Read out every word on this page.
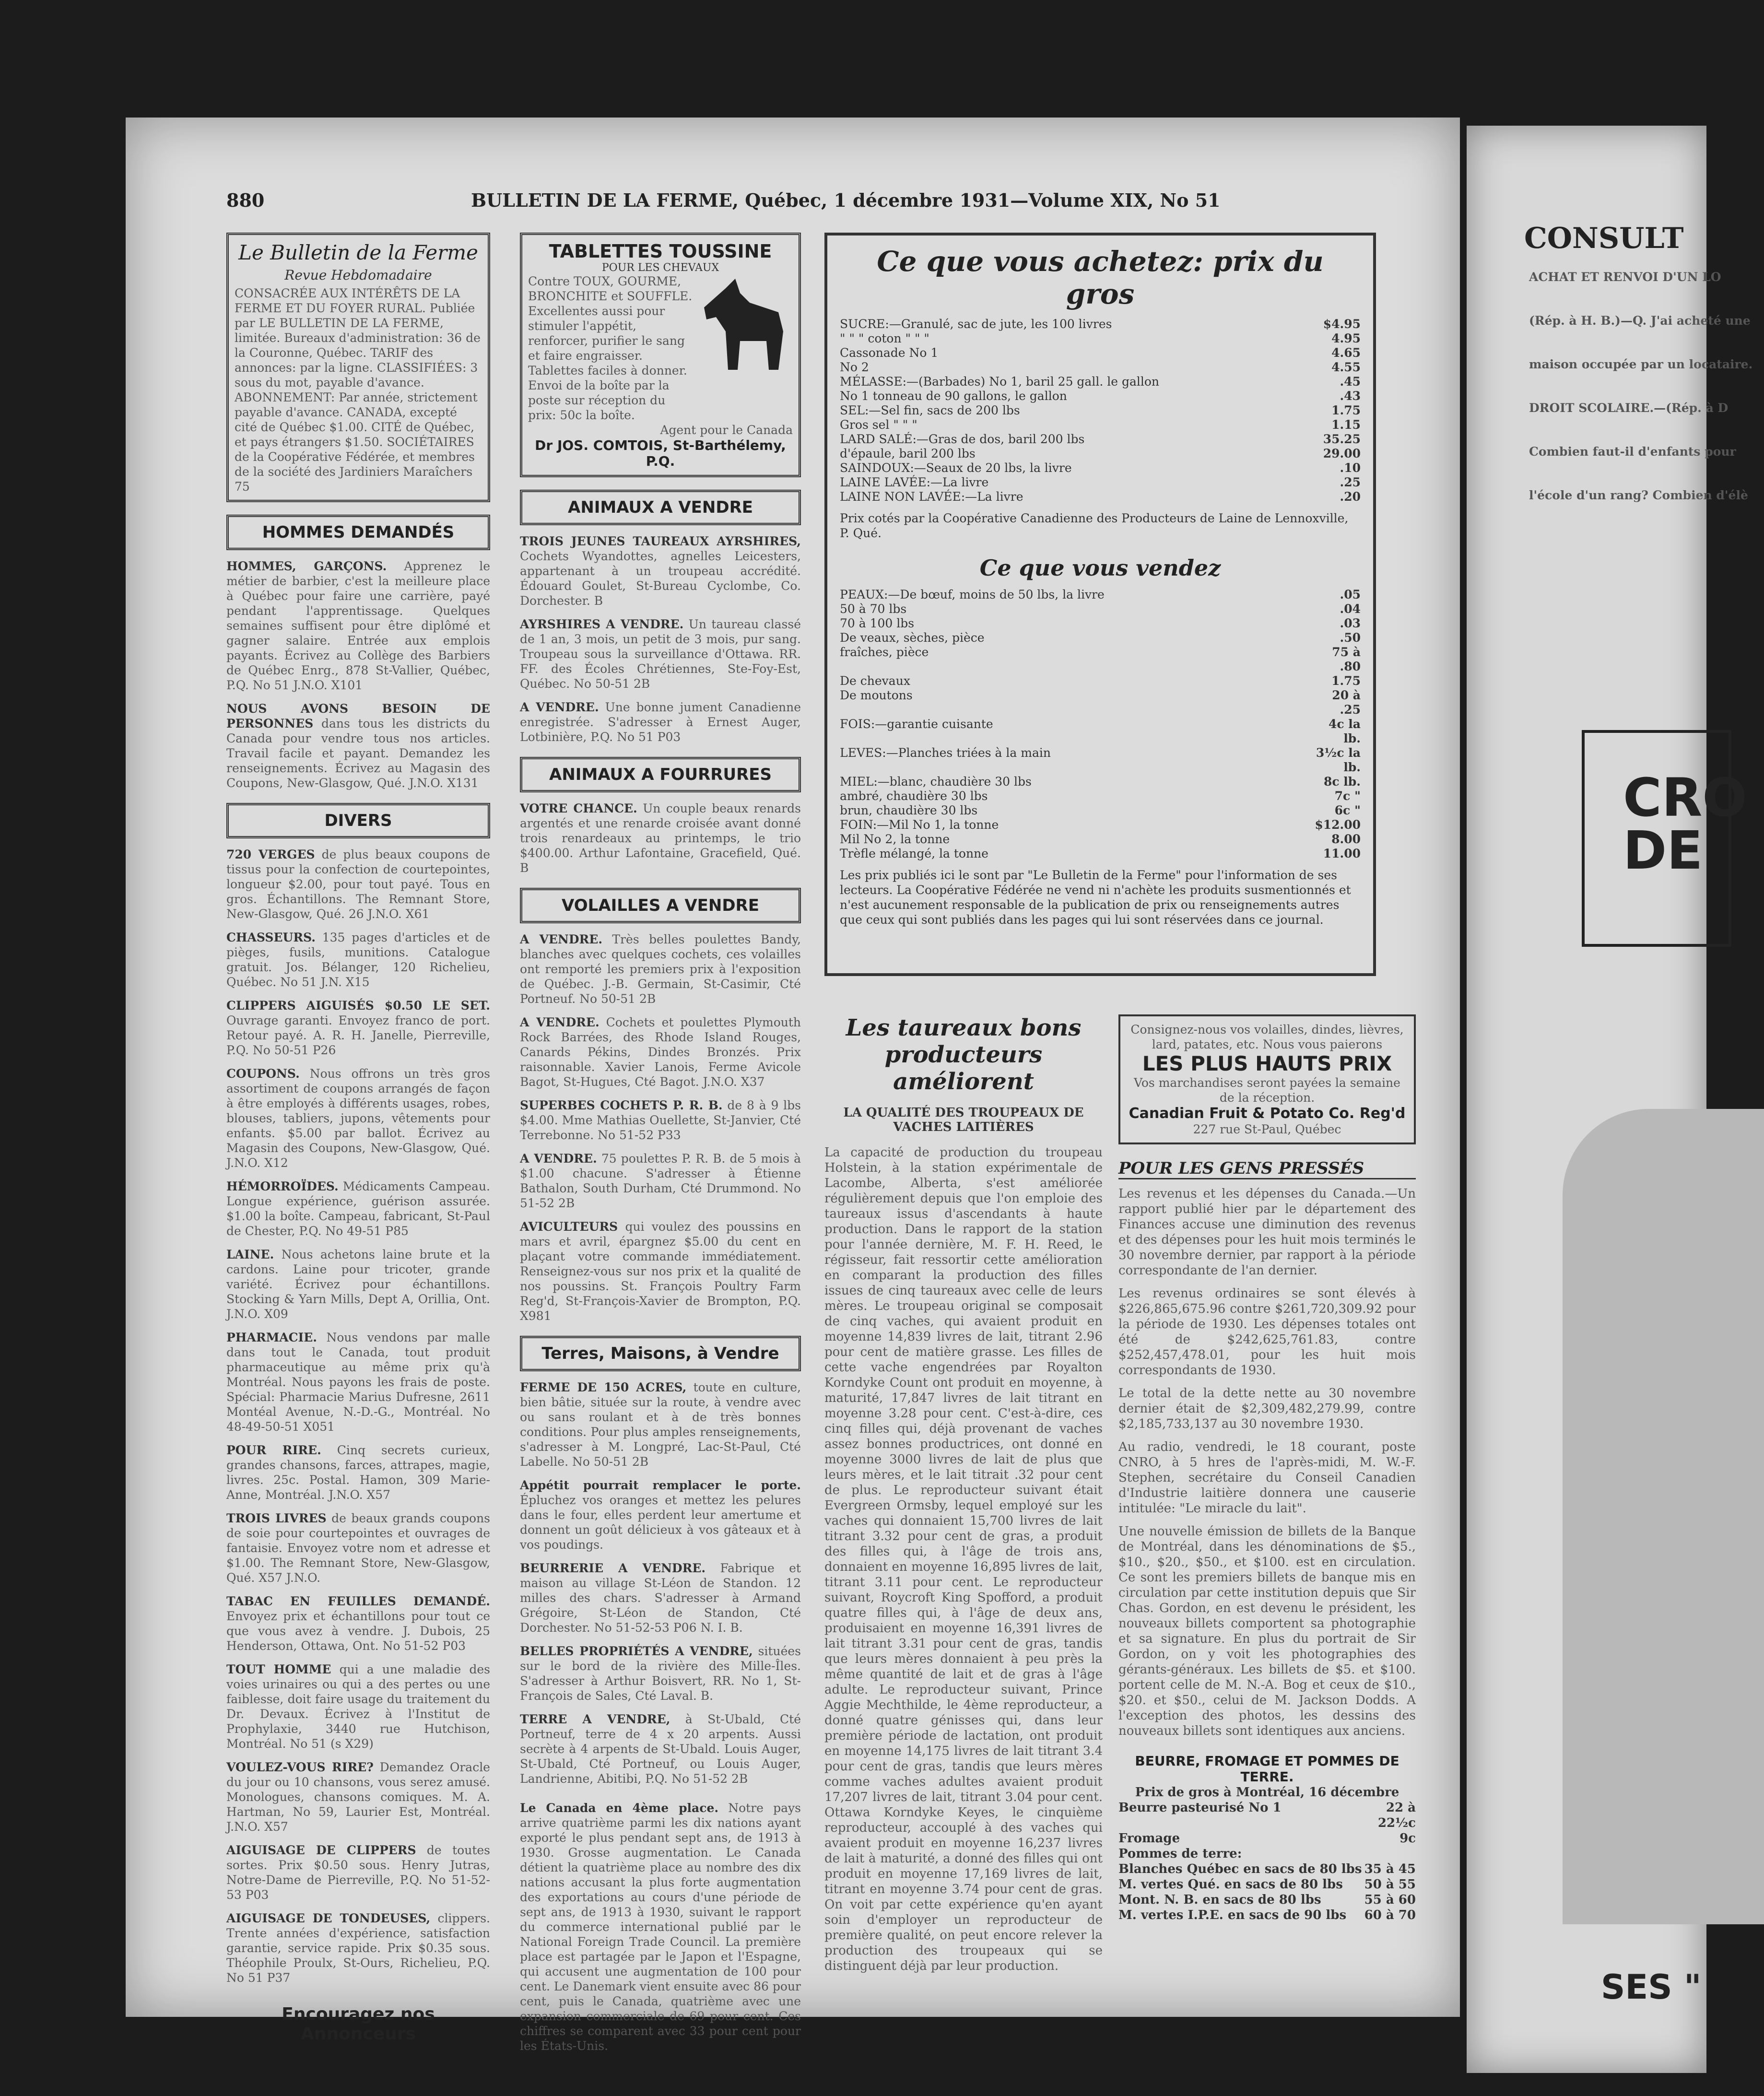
880	BULLETIN DE LA FERME, Québec, 1 décembre 1931—Volume XIX, No 51
Le Bulletin de la Ferme
Revue Hebdomadaire
CONSACRÉE AUX INTÉRÊTS DE LA FERME ET DU FOYER RURAL. Publiée par LE BULLETIN DE LA FERME, limitée. Bureaux d'administration: 36 de la Couronne, Québec. TARIF des annonces: par la ligne. CLASSIFIÉES: 3 sous du mot, payable d'avance. ABONNEMENT: Par année, strictement payable d'avance. CANADA, excepté cité de Québec $1.00. CITÉ de Québec, et pays étrangers $1.50. SOCIÉTAIRES de la Coopérative Fédérée, et membres de la société des Jardiniers Maraîchers 75
HOMMES DEMANDÉS
HOMMES, GARÇONS. Apprenez le métier de barbier, c'est la meilleure place à Québec pour faire une carrière, payé pendant l'apprentissage. Quelques semaines suffisent pour être diplômé et gagner salaire. Entrée aux emplois payants. Écrivez au Collège des Barbiers de Québec Enrg., 878 St-Vallier, Québec, P.Q. No 51 J.N.O. X101
NOUS AVONS BESOIN DE PERSONNES dans tous les districts du Canada pour vendre tous nos articles. Travail facile et payant. Demandez les renseignements. Écrivez au Magasin des Coupons, New-Glasgow, Qué. J.N.O. X131
DIVERS
720 VERGES de plus beaux coupons de tissus pour la confection de courtepointes, longueur $2.00, pour tout payé. Tous en gros. Échantillons. The Remnant Store, New-Glasgow, Qué. 26 J.N.O. X61
CHASSEURS. 135 pages d'articles et de pièges, fusils, munitions. Catalogue gratuit. Jos. Bélanger, 120 Richelieu, Québec. No 51 J.N. X15
CLIPPERS AIGUISÉS $0.50 LE SET. Ouvrage garanti. Envoyez franco de port. Retour payé. A. R. H. Janelle, Pierreville, P.Q. No 50-51 P26
COUPONS. Nous offrons un très gros assortiment de coupons arrangés de façon à être employés à différents usages, robes, blouses, tabliers, jupons, vêtements pour enfants. $5.00 par ballot. Écrivez au Magasin des Coupons, New-Glasgow, Qué. J.N.O. X12
HÉMORROÏDES. Médicaments Campeau. Longue expérience, guérison assurée. $1.00 la boîte. Campeau, fabricant, St-Paul de Chester, P.Q. No 49-51 P85
LAINE. Nous achetons laine brute et la cardons. Laine pour tricoter, grande variété. Écrivez pour échantillons. Stocking & Yarn Mills, Dept A, Orillia, Ont. J.N.O. X09
PHARMACIE. Nous vendons par malle dans tout le Canada, tout produit pharmaceutique au même prix qu'à Montréal. Nous payons les frais de poste. Spécial: Pharmacie Marius Dufresne, 2611 Montéal Avenue, N.-D.-G., Montréal. No 48-49-50-51 X051
POUR RIRE. Cinq secrets curieux, grandes chansons, farces, attrapes, magie, livres. 25c. Postal. Hamon, 309 Marie-Anne, Montréal. J.N.O. X57
TROIS LIVRES de beaux grands coupons de soie pour courtepointes et ouvrages de fantaisie. Envoyez votre nom et adresse et $1.00. The Remnant Store, New-Glasgow, Qué. X57 J.N.O.
TABAC EN FEUILLES DEMANDÉ. Envoyez prix et échantillons pour tout ce que vous avez à vendre. J. Dubois, 25 Henderson, Ottawa, Ont. No 51-52 P03
TOUT HOMME qui a une maladie des voies urinaires ou qui a des pertes ou une faiblesse, doit faire usage du traitement du Dr. Devaux. Écrivez à l'Institut de Prophylaxie, 3440 rue Hutchison, Montréal. No 51 (s X29)
VOULEZ-VOUS RIRE? Demandez Oracle du jour ou 10 chansons, vous serez amusé. Monologues, chansons comiques. M. A. Hartman, No 59, Laurier Est, Montréal. J.N.O. X57
AIGUISAGE DE CLIPPERS de toutes sortes. Prix $0.50 sous. Henry Jutras, Notre-Dame de Pierreville, P.Q. No 51-52-53 P03
AIGUISAGE DE TONDEUSES, clippers. Trente années d'expérience, satisfaction garantie, service rapide. Prix $0.35 sous. Théophile Proulx, St-Ours, Richelieu, P.Q. No 51 P37
Encouragez nos Annonceurs
TABLETTES TOUSSINE
POUR LES CHEVAUX
Contre TOUX, GOURME, BRONCHITE et SOUFFLE. Excellentes aussi pour stimuler l'appétit, renforcer, purifier le sang et faire engraisser. Tablettes faciles à donner. Envoi de la boîte par la poste sur réception du prix: 50c la boîte.
Agent pour le Canada
Dr JOS. COMTOIS, St-Barthélemy, P.Q.
ANIMAUX A VENDRE
TROIS JEUNES TAUREAUX AYRSHIRES, Cochets Wyandottes, agnelles Leicesters, appartenant à un troupeau accrédité. Édouard Goulet, St-Bureau Cyclombe, Co. Dorchester. B
AYRSHIRES A VENDRE. Un taureau classé de 1 an, 3 mois, un petit de 3 mois, pur sang. Troupeau sous la surveillance d'Ottawa. RR. FF. des Écoles Chrétiennes, Ste-Foy-Est, Québec. No 50-51 2B
A VENDRE. Une bonne jument Canadienne enregistrée. S'adresser à Ernest Auger, Lotbinière, P.Q. No 51 P03
ANIMAUX A FOURRURES
VOTRE CHANCE. Un couple beaux renards argentés et une renarde croisée avant donné trois renardeaux au printemps, le trio $400.00. Arthur Lafontaine, Gracefield, Qué. B
VOLAILLES A VENDRE
A VENDRE. Très belles poulettes Bandy, blanches avec quelques cochets, ces volailles ont remporté les premiers prix à l'exposition de Québec. J.-B. Germain, St-Casimir, Cté Portneuf. No 50-51 2B
A VENDRE. Cochets et poulettes Plymouth Rock Barrées, des Rhode Island Rouges, Canards Pékins, Dindes Bronzés. Prix raisonnable. Xavier Lanois, Ferme Avicole Bagot, St-Hugues, Cté Bagot. J.N.O. X37
SUPERBES COCHETS P. R. B. de 8 à 9 lbs $4.00. Mme Mathias Ouellette, St-Janvier, Cté Terrebonne. No 51-52 P33
A VENDRE. 75 poulettes P. R. B. de 5 mois à $1.00 chacune. S'adresser à Étienne Bathalon, South Durham, Cté Drummond. No 51-52 2B
AVICULTEURS qui voulez des poussins en mars et avril, épargnez $5.00 du cent en plaçant votre commande immédiatement. Renseignez-vous sur nos prix et la qualité de nos poussins. St. François Poultry Farm Reg'd, St-François-Xavier de Brompton, P.Q. X981
Terres, Maisons, à Vendre
FERME DE 150 ACRES, toute en culture, bien bâtie, située sur la route, à vendre avec ou sans roulant et à de très bonnes conditions. Pour plus amples renseignements, s'adresser à M. Longpré, Lac-St-Paul, Cté Labelle. No 50-51 2B
Appétit pourrait remplacer le porte. Épluchez vos oranges et mettez les pelures dans le four, elles perdent leur amertume et donnent un goût délicieux à vos gâteaux et à vos poudings.
BEURRERIE A VENDRE. Fabrique et maison au village St-Léon de Standon. 12 milles des chars. S'adresser à Armand Grégoire, St-Léon de Standon, Cté Dorchester. No 51-52-53 P06 N. I. B.
BELLES PROPRIÉTÉS A VENDRE, situées sur le bord de la rivière des Mille-Îles. S'adresser à Arthur Boisvert, RR. No 1, St-François de Sales, Cté Laval. B.
TERRE A VENDRE, à St-Ubald, Cté Portneuf, terre de 4 x 20 arpents. Aussi secrète à 4 arpents de St-Ubald. Louis Auger, St-Ubald, Cté Portneuf, ou Louis Auger, Landrienne, Abitibi, P.Q. No 51-52 2B
Le Canada en 4ème place. Notre pays arrive quatrième parmi les dix nations ayant exporté le plus pendant sept ans, de 1913 à 1930. Grosse augmentation. Le Canada détient la quatrième place au nombre des dix nations accusant la plus forte augmentation des exportations au cours d'une période de sept ans, de 1913 à 1930, suivant le rapport du commerce international publié par le National Foreign Trade Council. La première place est partagée par le Japon et l'Espagne, qui accusent une augmentation de 100 pour cent. Le Danemark vient ensuite avec 86 pour cent, puis le Canada, quatrième avec une expansion commerciale de 69 pour cent. Ces chiffres se comparent avec 33 pour cent pour les États-Unis.
Ce que vous achetez: prix du gros
SUCRE:—Granulé, sac de jute, les 100 livres	$4.95
" " " coton " " "	4.95
Cassonade No 1	4.65
No 2	4.55
MÉLASSE:—(Barbades) No 1, baril 25 gall. le gallon	.45
No 1 tonneau de 90 gallons, le gallon	.43
SEL:—Sel fin, sacs de 200 lbs	1.75
Gros sel " " "	1.15
LARD SALÉ:—Gras de dos, baril 200 lbs	35.25
d'épaule, baril 200 lbs	29.00
SAINDOUX:—Seaux de 20 lbs, la livre	.10
LAINE LAVÉE:—La livre	.25
LAINE NON LAVÉE:—La livre	.20
Prix cotés par la Coopérative Canadienne des Producteurs de Laine de Lennoxville, P. Qué.
Ce que vous vendez
PEAUX:—De bœuf, moins de 50 lbs, la livre	.05
50 à 70 lbs	.04
70 à 100 lbs	.03
De veaux, sèches, pièce	.50
fraîches, pièce	75 à .80
De chevaux	1.75
De moutons	20 à .25
FOIS:—garantie cuisante	4c la lb.
LEVES:—Planches triées à la main	3½c la lb.
MIEL:—blanc, chaudière 30 lbs	8c lb.
ambré, chaudière 30 lbs	7c "
brun, chaudière 30 lbs	6c "
FOIN:—Mil No 1, la tonne	$12.00
Mil No 2, la tonne	8.00
Trèfle mélangé, la tonne	11.00
Les prix publiés ici le sont par "Le Bulletin de la Ferme" pour l'information de ses lecteurs. La Coopérative Fédérée ne vend ni n'achète les produits susmentionnés et n'est aucunement responsable de la publication de prix ou renseignements autres que ceux qui sont publiés dans les pages qui lui sont réservées dans ce journal.
Les taureaux bons producteurs améliorent
LA QUALITÉ DES TROUPEAUX DE VACHES LAITIÈRES
La capacité de production du troupeau Holstein, à la station expérimentale de Lacombe, Alberta, s'est améliorée régulièrement depuis que l'on emploie des taureaux issus d'ascendants à haute production. Dans le rapport de la station pour l'année dernière, M. F. H. Reed, le régisseur, fait ressortir cette amélioration en comparant la production des filles issues de cinq taureaux avec celle de leurs mères. Le troupeau original se composait de cinq vaches, qui avaient produit en moyenne 14,839 livres de lait, titrant 2.96 pour cent de matière grasse. Les filles de cette vache engendrées par Royalton Korndyke Count ont produit en moyenne, à maturité, 17,847 livres de lait titrant en moyenne 3.28 pour cent. C'est-à-dire, ces cinq filles qui, déjà provenant de vaches assez bonnes productrices, ont donné en moyenne 3000 livres de lait de plus que leurs mères, et le lait titrait .32 pour cent de plus. Le reproducteur suivant était Evergreen Ormsby, lequel employé sur les vaches qui donnaient 15,700 livres de lait titrant 3.32 pour cent de gras, a produit des filles qui, à l'âge de trois ans, donnaient en moyenne 16,895 livres de lait, titrant 3.11 pour cent. Le reproducteur suivant, Roycroft King Spofford, a produit quatre filles qui, à l'âge de deux ans, produisaient en moyenne 16,391 livres de lait titrant 3.31 pour cent de gras, tandis que leurs mères donnaient à peu près la même quantité de lait et de gras à l'âge adulte. Le reproducteur suivant, Prince Aggie Mechthilde, le 4ème reproducteur, a donné quatre génisses qui, dans leur première période de lactation, ont produit en moyenne 14,175 livres de lait titrant 3.4 pour cent de gras, tandis que leurs mères comme vaches adultes avaient produit 17,207 livres de lait, titrant 3.04 pour cent. Ottawa Korndyke Keyes, le cinquième reproducteur, accouplé à des vaches qui avaient produit en moyenne 16,237 livres de lait à maturité, a donné des filles qui ont produit en moyenne 17,169 livres de lait, titrant en moyenne 3.74 pour cent de gras. On voit par cette expérience qu'en ayant soin d'employer un reproducteur de première qualité, on peut encore relever la production des troupeaux qui se distinguent déjà par leur production.
Consignez-nous vos volailles, dindes, lièvres, lard, patates, etc. Nous vous paierons
LES PLUS HAUTS PRIX
Vos marchandises seront payées la semaine de la réception.
Canadian Fruit & Potato Co. Reg'd
227 rue St-Paul, Québec
POUR LES GENS PRESSÉS
Les revenus et les dépenses du Canada.—Un rapport publié hier par le département des Finances accuse une diminution des revenus et des dépenses pour les huit mois terminés le 30 novembre dernier, par rapport à la période correspondante de l'an dernier.
Les revenus ordinaires se sont élevés à $226,865,675.96 contre $261,720,309.92 pour la période de 1930. Les dépenses totales ont été de $242,625,761.83, contre $252,457,478.01, pour les huit mois correspondants de 1930.
Le total de la dette nette au 30 novembre dernier était de $2,309,482,279.99, contre $2,185,733,137 au 30 novembre 1930.
Au radio, vendredi, le 18 courant, poste CNRO, à 5 hres de l'après-midi, M. W.-F. Stephen, secrétaire du Conseil Canadien d'Industrie laitière donnera une causerie intitulée: "Le miracle du lait".
Une nouvelle émission de billets de la Banque de Montréal, dans les dénominations de $5., $10., $20., $50., et $100. est en circulation. Ce sont les premiers billets de banque mis en circulation par cette institution depuis que Sir Chas. Gordon, en est devenu le président, les nouveaux billets comportent sa photographie et sa signature. En plus du portrait de Sir Gordon, on y voit les photographies des gérants-généraux. Les billets de $5. et $100. portent celle de M. N.-A. Bog et ceux de $10., $20. et $50., celui de M. Jackson Dodds. A l'exception des photos, les dessins des nouveaux billets sont identiques aux anciens.
BEURRE, FROMAGE ET POMMES DE TERRE.
Prix de gros à Montréal, 16 décembre
Beurre pasteurisé No 1	22 à 22½c
Fromage	9c
Pommes de terre:
Blanches Québec en sacs de 80 lbs 35 à 45
M. vertes Qué. en sacs de 80 lbs	50 à 55
Mont. N. B. en sacs de 80 lbs	55 à 60
M. vertes I.P.E. en sacs de 90 lbs	60 à 70
CONSULT
ACHAT ET RENVOI D'UN LO
(Rép. à H. B.)—Q. J'ai acheté une
maison occupée par un locataire.
DROIT SCOLAIRE.—(Rép. à D
Combien faut-il d'enfants pour
l'école d'un rang? Combien d'élè
CRO DE
SES "
